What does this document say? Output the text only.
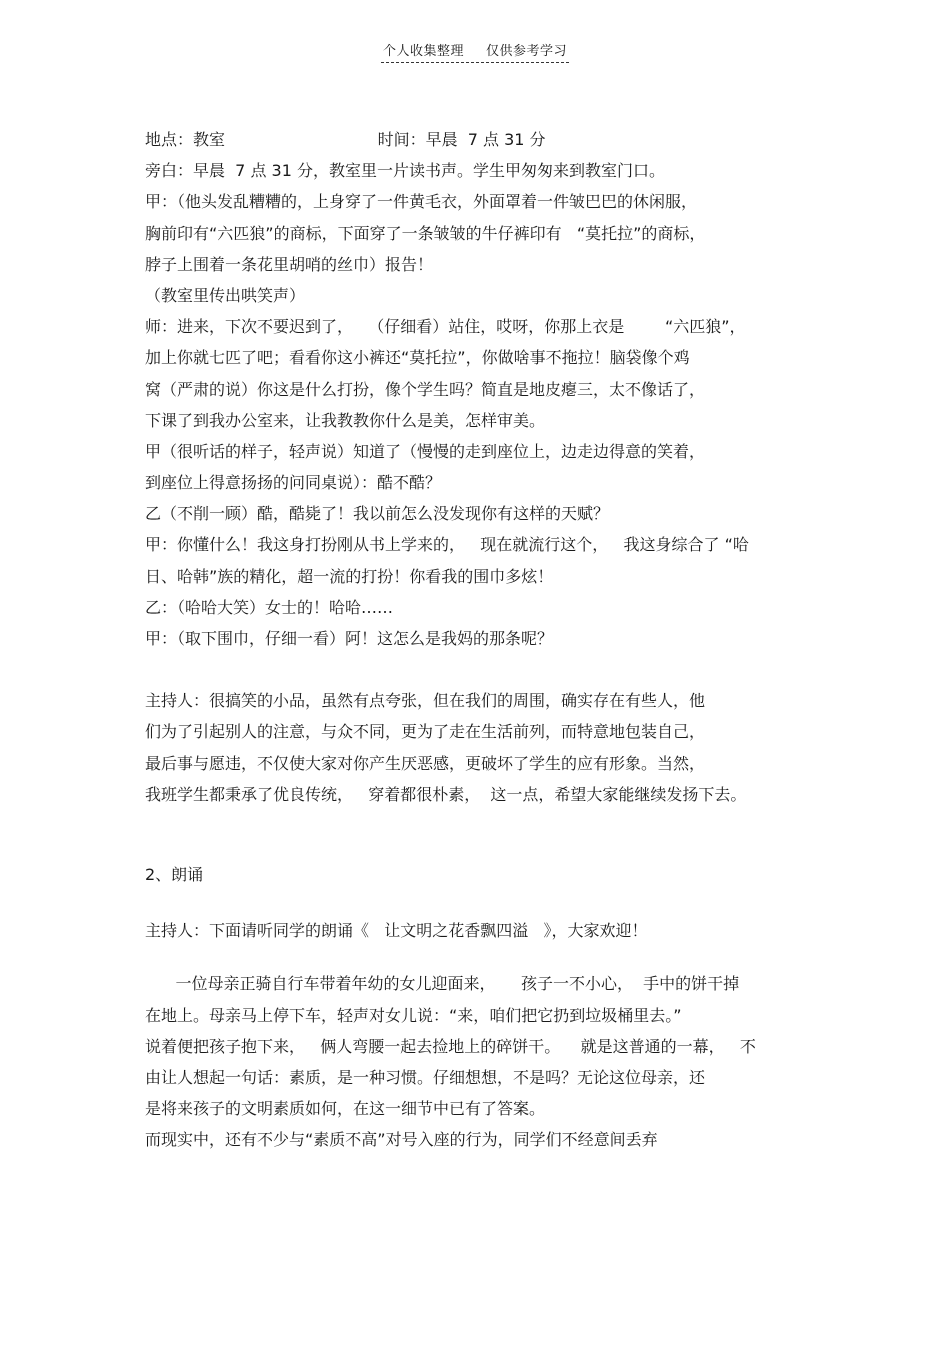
个人收集整理 仅供参考学习
地点：教室                              时间：早晨  7 点 31 分
旁白：早晨  7 点 31 分，教室里一片读书声。学生甲匆匆来到教室门口。
甲：（他头发乱糟糟的，上身穿了一件黄毛衣，外面罩着一件皱巴巴的休闲服，
胸前印有“六匹狼”的商标，下面穿了一条皱皱的牛仔裤印有   “莫托拉”的商标，
脖子上围着一条花里胡哨的丝巾）报告！
（教室里传出哄笑声）
师：进来，下次不要迟到了，   （仔细看）站住，哎呀，你那上衣是        “六匹狼”，
加上你就七匹了吧；看看你这小裤还“莫托拉”，你做啥事不拖拉！脑袋像个鸡
窝（严肃的说）你这是什么打扮，像个学生吗？简直是地皮瘪三，太不像话了，
下课了到我办公室来，让我教教你什么是美，怎样审美。
甲（很听话的样子，轻声说）知道了（慢慢的走到座位上，边走边得意的笑着，
到座位上得意扬扬的问同桌说）：酷不酷？
乙（不削一顾）酷，酷毙了！我以前怎么没发现你有这样的天赋？
甲：你懂什么！我这身打扮刚从书上学来的，   现在就流行这个，   我这身综合了 “哈
日、哈韩”族的精化，超一流的打扮！你看我的围巾多炫！
乙：（哈哈大笑）女士的！哈哈……
甲：（取下围巾，仔细一看）阿！这怎么是我妈的那条呢？
主持人：很搞笑的小品，虽然有点夸张，但在我们的周围，确实存在有些人，他
们为了引起别人的注意，与众不同，更为了走在生活前列，而特意地包装自己，
最后事与愿违，不仅使大家对你产生厌恶感，更破坏了学生的应有形象。当然，
我班学生都秉承了优良传统，   穿着都很朴素，  这一点，希望大家能继续发扬下去。
2、朗诵
主持人：下面请听同学的朗诵《   让文明之花香飘四溢   》，大家欢迎！
一位母亲正骑自行车带着年幼的女儿迎面来，     孩子一不小心，  手中的饼干掉
在地上。母亲马上停下车，轻声对女儿说：“来，咱们把它扔到垃圾桶里去。”
说着便把孩子抱下来，   俩人弯腰一起去捡地上的碎饼干。    就是这普通的一幕，   不
由让人想起一句话：素质，是一种习惯。仔细想想，不是吗？无论这位母亲，还
是将来孩子的文明素质如何，在这一细节中已有了答案。
而现实中，还有不少与“素质不高”对号入座的行为，同学们不经意间丢弃
